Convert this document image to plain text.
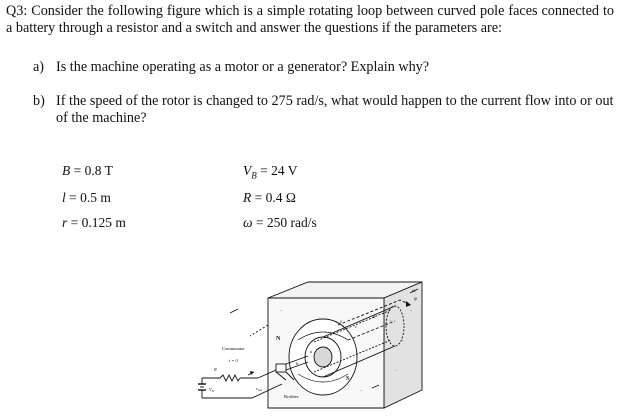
Q3: Consider the following figure which is a simple rotating loop between curved pole faces connected to a battery through a resistor and a switch and answer the questions if the parameters are:
a) Is the machine operating as a motor or a generator? Explain why?
b) If the speed of the rotor is changed to 275 rad/s, what would happen to the current flow into or out of the machine?
B = 0.8 T
l = 0.5 m
r = 0.125 m
$V_B = 24$ V
R = 0.4 Ω
ω = 250 rad/s
v
φ
ω
N
S
a
b
c
d
Commutator
Brushes
i = 0
R
$V_B$	$e_{ind}$
